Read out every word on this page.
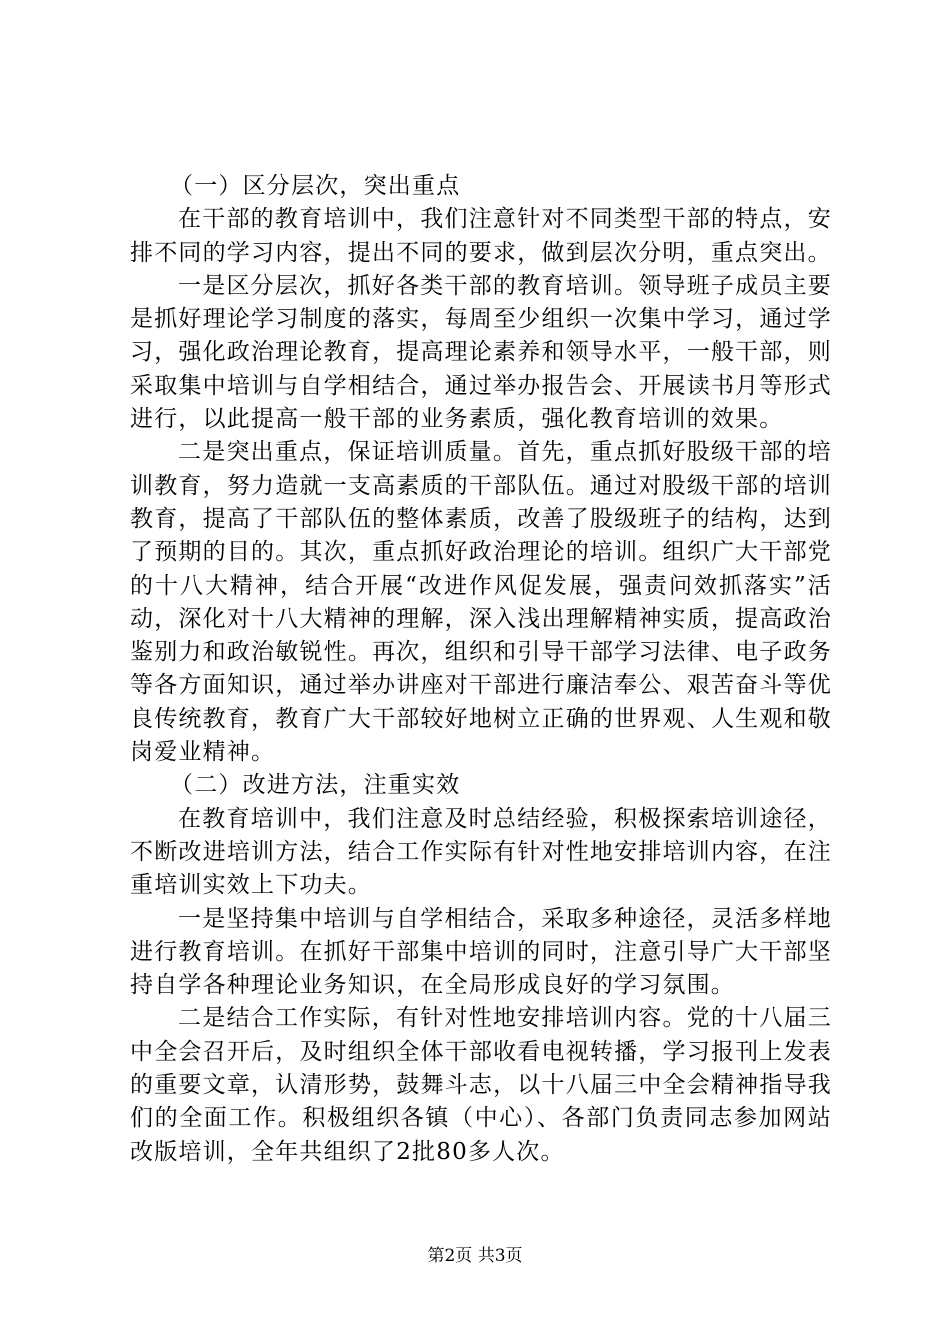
（一）区分层次，突出重点

在干部的教育培训中，我们注意针对不同类型干部的特点，安排不同的学习内容，提出不同的要求，做到层次分明，重点突出。

一是区分层次，抓好各类干部的教育培训。领导班子成员主要是抓好理论学习制度的落实，每周至少组织一次集中学习，通过学习，强化政治理论教育，提高理论素养和领导水平，一般干部，则采取集中培训与自学相结合，通过举办报告会、开展读书月等形式进行，以此提高一般干部的业务素质，强化教育培训的效果。

二是突出重点，保证培训质量。首先，重点抓好股级干部的培训教育，努力造就一支高素质的干部队伍。通过对股级干部的培训教育，提高了干部队伍的整体素质，改善了股级班子的结构，达到了预期的目的。其次，重点抓好政治理论的培训。组织广大干部党的十八大精神，结合开展“改进作风促发展，强责问效抓落实”活动，深化对十八大精神的理解，深入浅出理解精神实质，提高政治鉴别力和政治敏锐性。再次，组织和引导干部学习法律、电子政务等各方面知识，通过举办讲座对干部进行廉洁奉公、艰苦奋斗等优良传统教育，教育广大干部较好地树立正确的世界观、人生观和敬岗爱业精神。

（二）改进方法，注重实效

在教育培训中，我们注意及时总结经验，积极探索培训途径，不断改进培训方法，结合工作实际有针对性地安排培训内容，在注重培训实效上下功夫。

一是坚持集中培训与自学相结合，采取多种途径，灵活多样地进行教育培训。在抓好干部集中培训的同时，注意引导广大干部坚持自学各种理论业务知识，在全局形成良好的学习氛围。

二是结合工作实际，有针对性地安排培训内容。党的十八届三中全会召开后，及时组织全体干部收看电视转播，学习报刊上发表的重要文章，认清形势，鼓舞斗志，以十八届三中全会精神指导我们的全面工作。积极组织各镇（中心）、各部门负责同志参加网站改版培训，全年共组织了2批80多人次。

第2页 共3页
